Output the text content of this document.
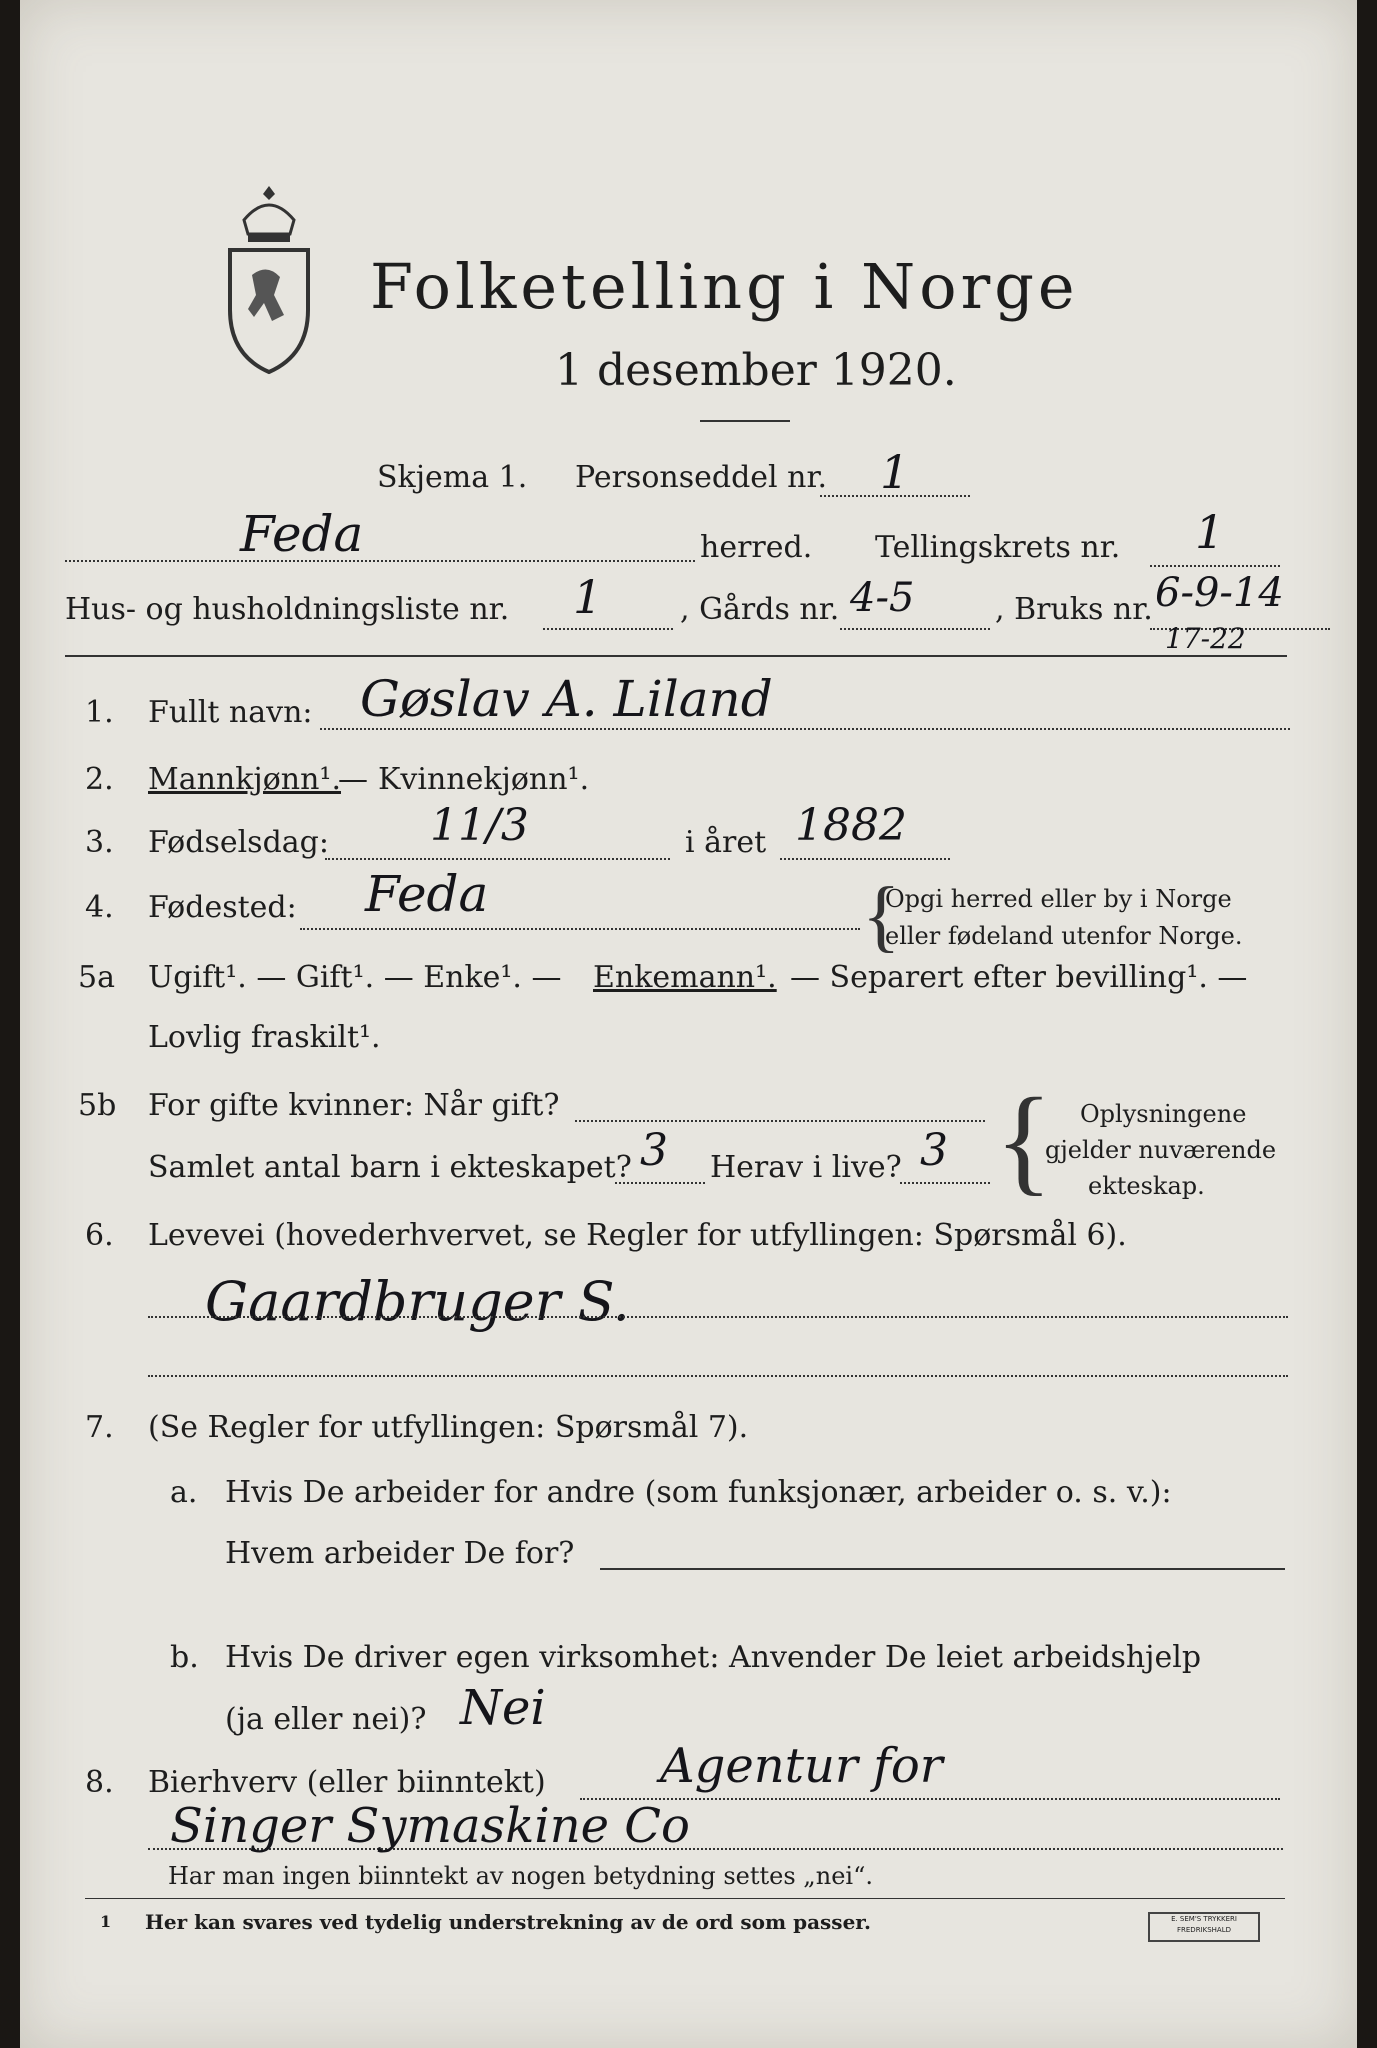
Folketelling i Norge
1 desember 1920.
Skjema 1. Personseddel nr. 1
Feda	herred. Tellingskrets nr. 1
Hus- og husholdningsliste nr. 1	, Gårds nr. 4-5	, Bruks nr. 6-9-14
17-22
1. Fullt navn: Gøslav A. Liland
2. Mannkjønn¹.
— Kvinnekjønn¹.
3. Fødselsdag: 11/3	i året 1882
4. Fødested: Feda	Opgi herred eller by i Norge
eller fødeland utenfor Norge.
{
5a Ugift¹. — Gift¹. — Enke¹. — Enkemann¹. — Separert efter bevilling¹. —
Lovlig fraskilt¹.
5b For gifte kvinner: Når gift?
Samlet antal barn i ekteskapet? 3 Herav i live? 3 { Oplysningene
gjelder nuværende
ekteskap.
6. Levevei (hovederhvervet, se Regler for utfyllingen: Spørsmål 6).
Gaardbruger S.
7. (Se Regler for utfyllingen: Spørsmål 7).
a. Hvis De arbeider for andre (som funksjonær, arbeider o. s. v.):
Hvem arbeider De for?
b. Hvis De driver egen virksomhet: Anvender De leiet arbeidshjelp
(ja eller nei)? Nei
8. Bierhverv (eller biinntekt) Agentur for
Singer Symaskine Co
Har man ingen biinntekt av nogen betydning settes „nei“.
1 Her kan svares ved tydelig understrekning av de ord som passer.	E. SEM'S TRYKKERI
FREDRIKSHALD
